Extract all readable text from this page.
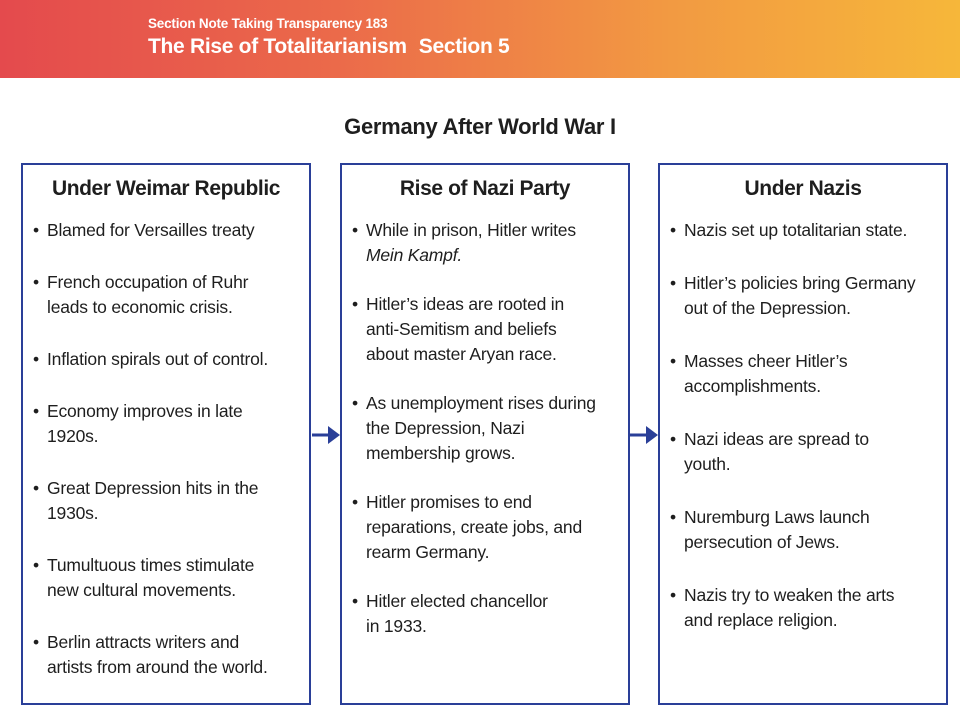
Section Note Taking Transparency 183
The Rise of Totalitarianism Section 5
Germany After World War I
Under Weimar Republic
• Blamed for Versailles treaty
• French occupation of Ruhr
leads to economic crisis.
• Inflation spirals out of control.
• Economy improves in late
1920s.
• Great Depression hits in the
1930s.
• Tumultuous times stimulate
new cultural movements.
• Berlin attracts writers and
artists from around the world.
Rise of Nazi Party
• While in prison, Hitler writes
Mein Kampf.
• Hitler’s ideas are rooted in
anti-Semitism and beliefs
about master Aryan race.
• As unemployment rises during
the Depression, Nazi
membership grows.
• Hitler promises to end
reparations, create jobs, and
rearm Germany.
• Hitler elected chancellor
in 1933.
Under Nazis
• Nazis set up totalitarian state.
• Hitler’s policies bring Germany
out of the Depression.
• Masses cheer Hitler’s
accomplishments.
• Nazi ideas are spread to
youth.
• Nuremburg Laws launch
persecution of Jews.
• Nazis try to weaken the arts
and replace religion.
